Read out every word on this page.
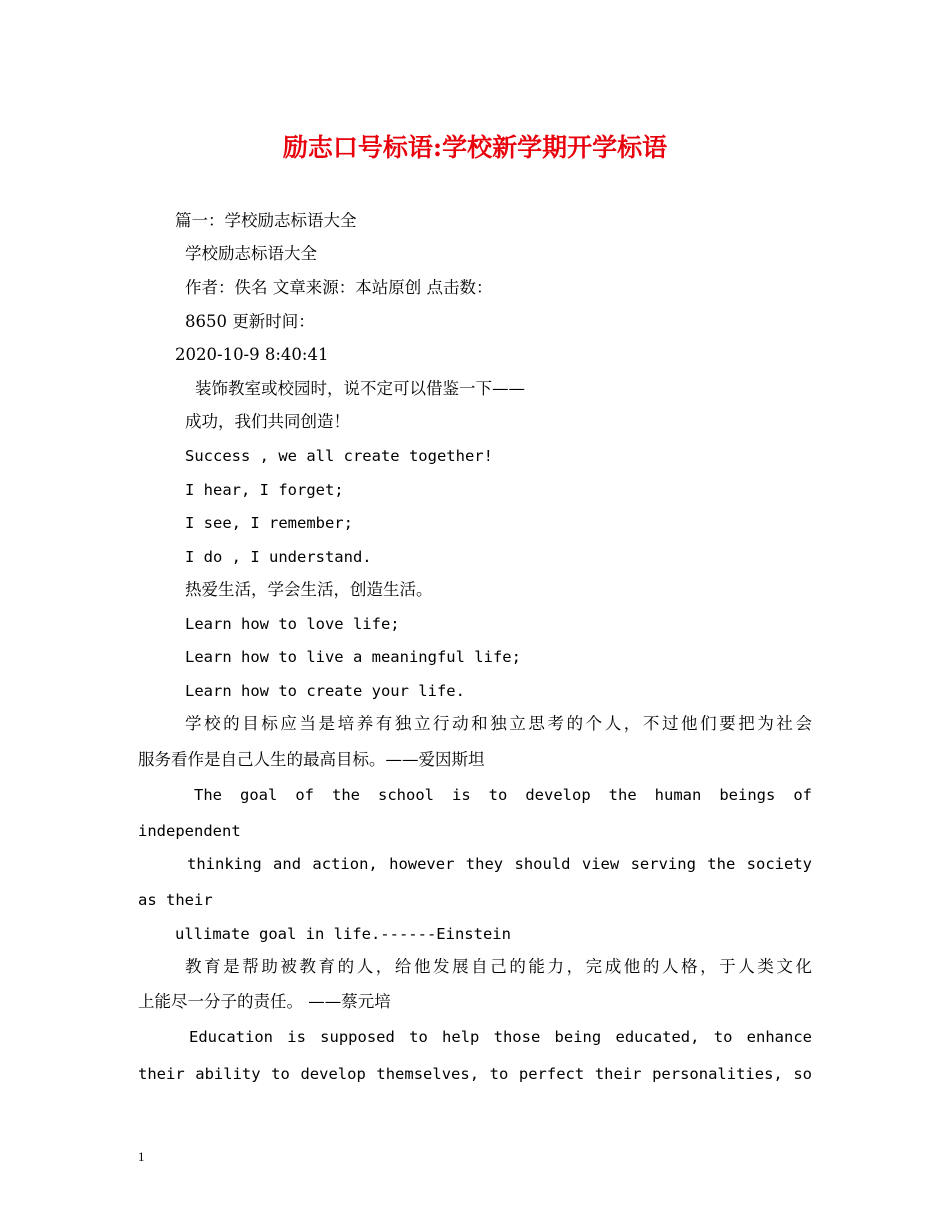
励志口号标语:学校新学期开学标语
篇一：学校励志标语大全
学校励志标语大全
作者：佚名 文章来源：本站原创 点击数：
8650 更新时间：
2020-10-9 8:40:41
装饰教室或校园时，说不定可以借鉴一下——
成功，我们共同创造！
Success , we all create together!
I hear, I forget;
I see, I remember;
I do , I understand.
热爱生活，学会生活，创造生活。
Learn how to love life;
Learn how to live a meaningful life;
Learn how to create your life.
学校的目标应当是培养有独立行动和独立思考的个人，不过他们要把为社会
服务看作是自己人生的最高目标。——爱因斯坦
The goal of the school is to develop the human beings of
independent
thinking and action, however they should view serving the society
as their
ullimate goal in life.------Einstein
教育是帮助被教育的人，给他发展自己的能力，完成他的人格，于人类文化
上能尽一分子的责任。 ——蔡元培
Education is supposed to help those being educated, to enhance
their ability to develop themselves, to perfect their personalities, so
1
